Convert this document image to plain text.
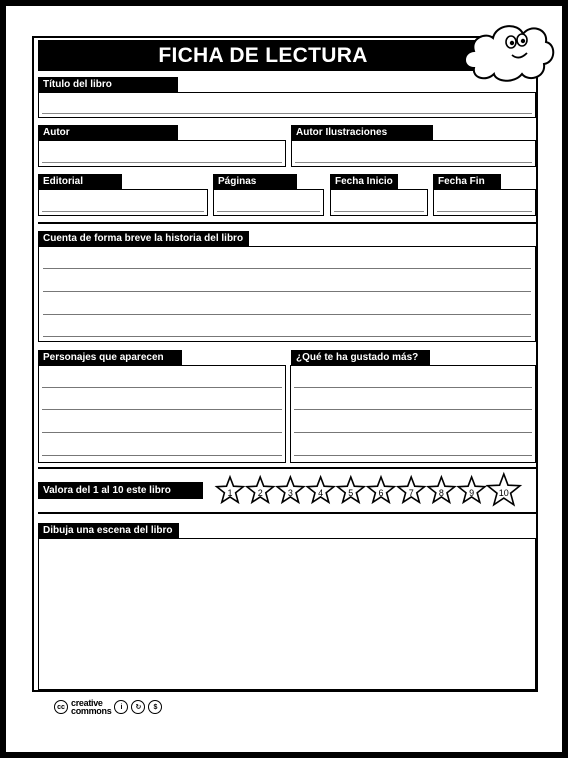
FICHA DE LECTURA
Título del libro
Autor	Autor Ilustraciones
Editorial	Páginas	Fecha Inicio	Fecha Fin
Cuenta de forma breve la historia del libro
Personajes que aparecen	¿Qué te ha gustado más?
Valora del 1 al 10 este libro	1	2	3	4	5	6	7	8	9	10
Dibuja una escena del libro
cc creative
commons	i	↻	$
